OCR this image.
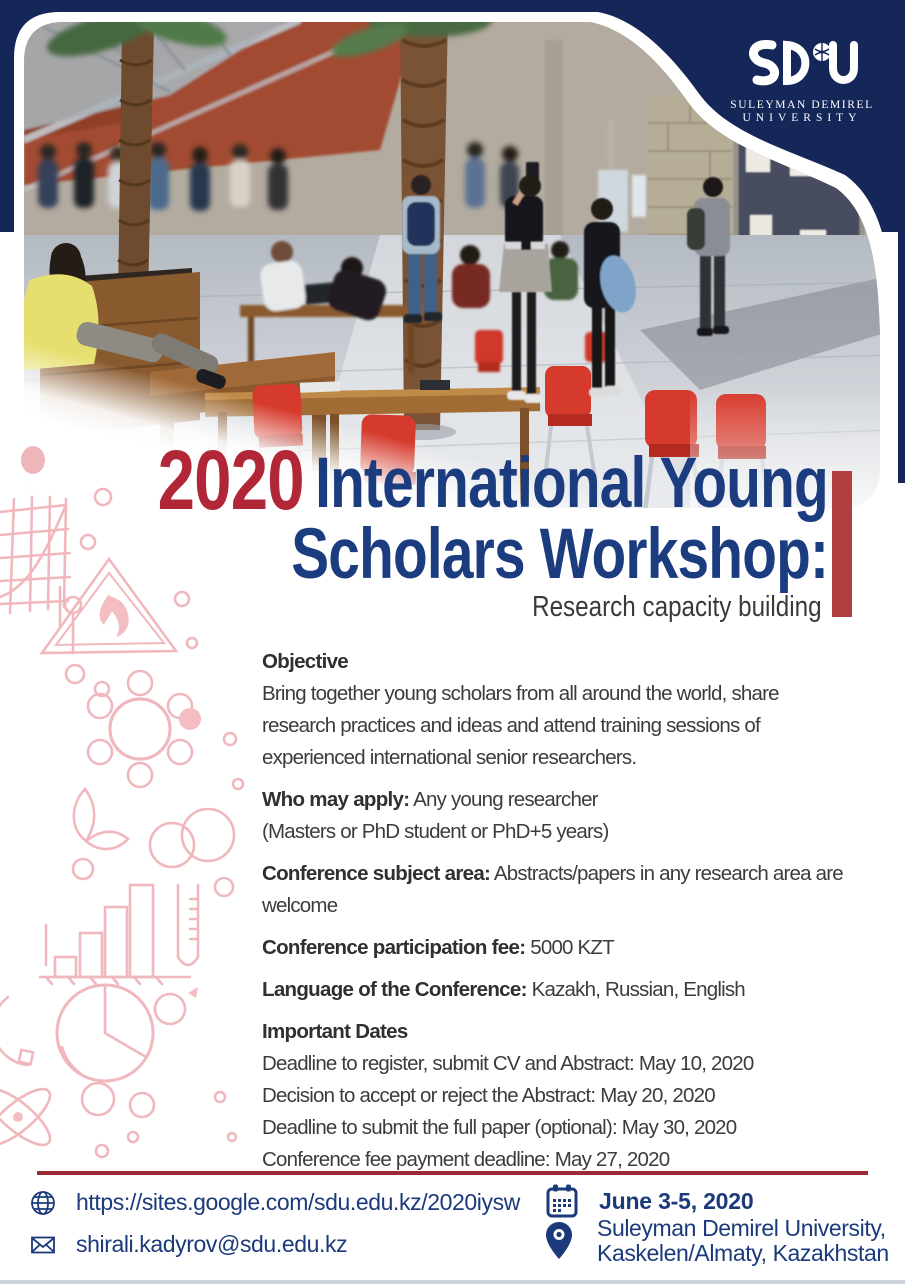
SULEYMAN DEMIREL
UNIVERSITY
2020 International Young
Scholars Workshop:
Research capacity building

Objective
Bring together young scholars from all around the world, share research practices and ideas and attend training sessions of experienced international senior researchers.

Who may apply: Any young researcher
(Masters or PhD student or PhD+5 years)

Conference subject area: Abstracts/papers in any research area are welcome

Conference participation fee: 5000 KZT

Language of the Conference: Kazakh, Russian, English

Important Dates
Deadline to register, submit CV and Abstract: May 10, 2020
Decision to accept or reject the Abstract: May 20, 2020
Deadline to submit the full paper (optional): May 30, 2020
Conference fee payment deadline: May 27, 2020

https://sites.google.com/sdu.edu.kz/2020iysw
shirali.kadyrov@sdu.edu.kz
June 3-5, 2020
Suleyman Demirel University,
Kaskelen/Almaty, Kazakhstan
